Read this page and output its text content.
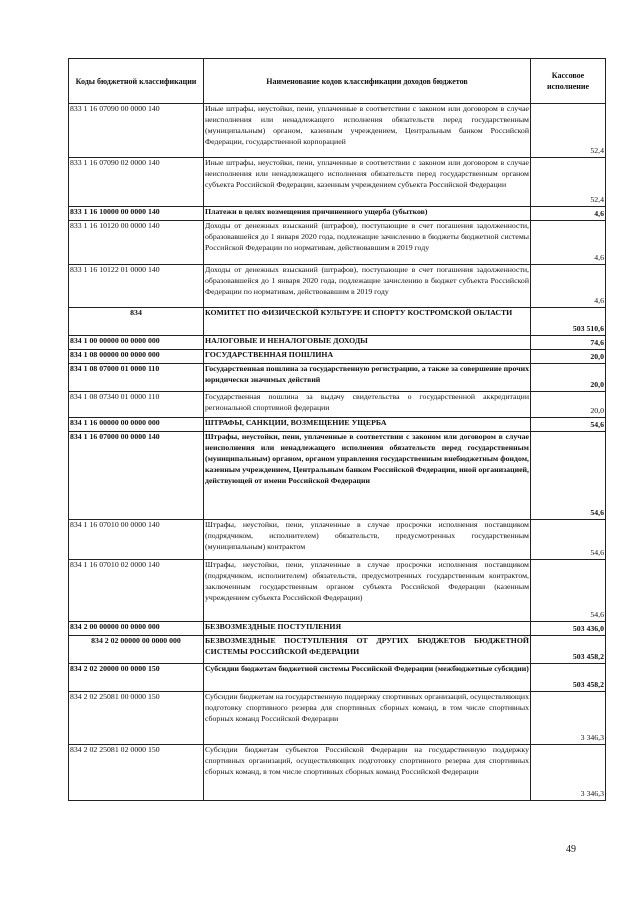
Коды бюджетной классификации	Наименование кодов классификации доходов бюджетов	Кассовое исполнение
833 1 16 07090 00 0000 140	Иные штрафы, неустойки, пени, уплаченные в соответствии с законом или договором в случае неисполнения или ненадлежащего исполнения обязательств перед государственным (муниципальным) органом, казенным учреждением, Центральным банком Российской Федерации, государственной корпорацией	52,4
833 1 16 07090 02 0000 140	Иные штрафы, неустойки, пени, уплаченные в соответствии с законом или договором в случае неисполнения или ненадлежащего исполнения обязательств перед государственным органом субъекта Российской Федерации, казенным учреждением субъекта Российской Федерации	52,4
833 1 16 10000 00 0000 140	Платежи в целях возмещения причиненного ущерба (убытков)	4,6
833 1 16 10120 00 0000 140	Доходы от денежных взысканий (штрафов), поступающие в счет погашения задолженности, образовавшейся до 1 января 2020 года, подлежащие зачислению в бюджеты бюджетной системы Российской Федерации по нормативам, действовавшим в 2019 году	4,6
833 1 16 10122 01 0000 140	Доходы от денежных взысканий (штрафов), поступающие в счет погашения задолженности, образовавшейся до 1 января 2020 года, подлежащие зачислению в бюджет субъекта Российской Федерации по нормативам, действовавшим в 2019 году	4,6
834	КОМИТЕТ ПО ФИЗИЧЕСКОЙ КУЛЬТУРЕ И СПОРТУ КОСТРОМСКОЙ ОБЛАСТИ	503 510,6
834 1 00 00000 00 0000 000	НАЛОГОВЫЕ И НЕНАЛОГОВЫЕ ДОХОДЫ	74,6
834 1 08 00000 00 0000 000	ГОСУДАРСТВЕННАЯ ПОШЛИНА	20,0
834 1 08 07000 01 0000 110	Государственная пошлина за государственную регистрацию, а также за совершение прочих юридически значимых действий	20,0
834 1 08 07340 01 0000 110	Государственная пошлина за выдачу свидетельства о государственной аккредитации региональной спортивной федерации	20,0
834 1 16 00000 00 0000 000	ШТРАФЫ, САНКЦИИ, ВОЗМЕЩЕНИЕ УЩЕРБА	54,6
834 1 16 07000 00 0000 140	Штрафы, неустойки, пени, уплаченные в соответствии с законом или договором в случае неисполнения или ненадлежащего исполнения обязательств перед государственным (муниципальным) органом, органом управления государственным внебюджетным фондом, казенным учреждением, Центральным банком Российской Федерации, иной организацией, действующей от имени Российской Федерации	54,6
834 1 16 07010 00 0000 140	Штрафы, неустойки, пени, уплаченные в случае просрочки исполнения поставщиком (подрядчиком, исполнителем) обязательств, предусмотренных государственным (муниципальным) контрактом	54,6
834 1 16 07010 02 0000 140	Штрафы, неустойки, пени, уплаченные в случае просрочки исполнения поставщиком (подрядчиком, исполнителем) обязательств, предусмотренных государственным контрактом, заключенным государственным органом субъекта Российской Федерации (казенным учреждением субъекта Российской Федерации)	54,6
834 2 00 00000 00 0000 000	БЕЗВОЗМЕЗДНЫЕ ПОСТУПЛЕНИЯ	503 436,0
834 2 02 00000 00 0000 000	БЕЗВОЗМЕЗДНЫЕ ПОСТУПЛЕНИЯ ОТ ДРУГИХ БЮДЖЕТОВ БЮДЖЕТНОЙ СИСТЕМЫ РОССИЙСКОЙ ФЕДЕРАЦИИ	503 458,2
834 2 02 20000 00 0000 150	Субсидии бюджетам бюджетной системы Российской Федерации (межбюджетные субсидии)	503 458,2
834 2 02 25081 00 0000 150	Субсидии бюджетам на государственную поддержку спортивных организаций, осуществляющих подготовку спортивного резерва для спортивных сборных команд, в том числе спортивных сборных команд Российской Федерации	3 346,3
834 2 02 25081 02 0000 150	Субсидии бюджетам субъектов Российской Федерации на государственную поддержку спортивных организаций, осуществляющих подготовку спортивного резерва для спортивных сборных команд, в том числе спортивных сборных команд Российской Федерации	3 346,3
49
